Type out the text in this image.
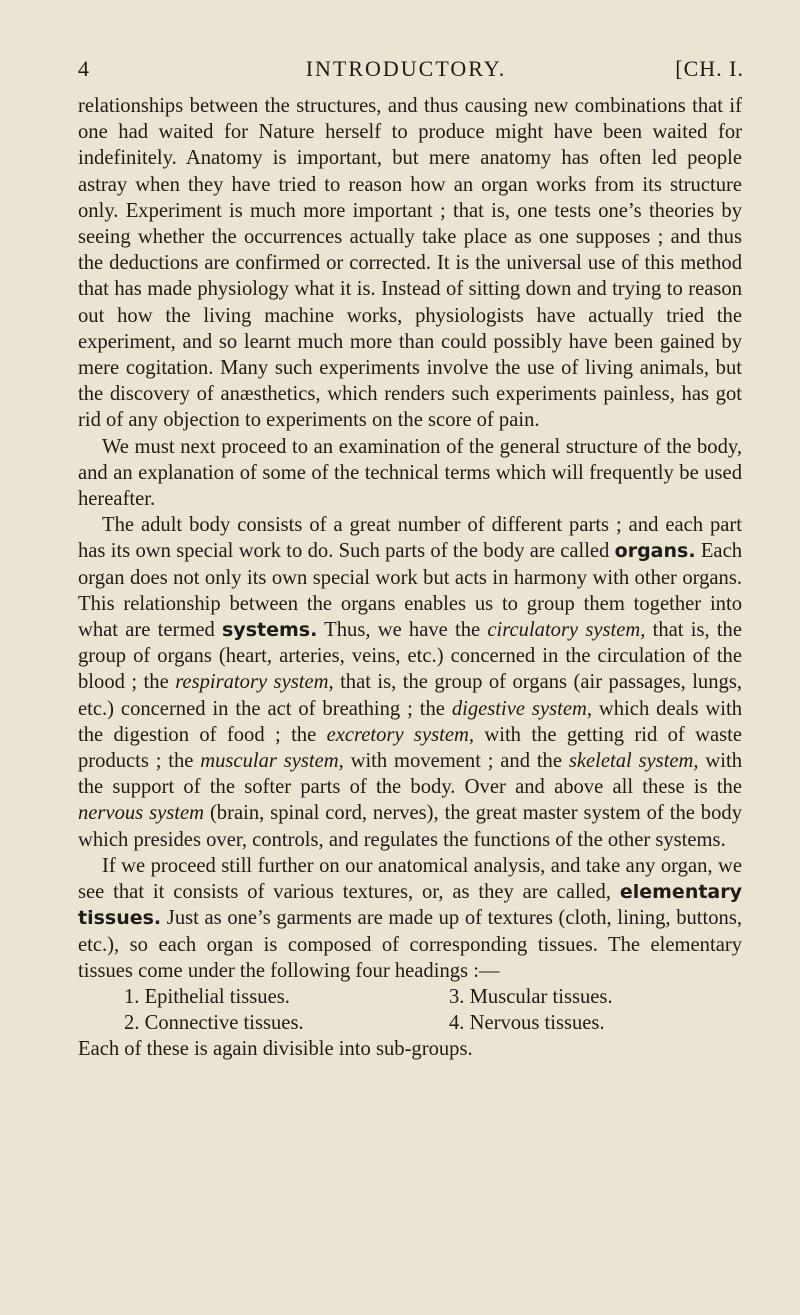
4	INTRODUCTORY.	[CH. I.

relationships between the structures, and thus causing new combinations that if one had waited for Nature herself to produce might have been waited for indefinitely. Anatomy is important, but mere anatomy has often led people astray when they have tried to reason how an organ works from its structure only. Experiment is much more important ; that is, one tests one’s theories by seeing whether the occurrences actually take place as one supposes ; and thus the deductions are confirmed or corrected. It is the universal use of this method that has made physiology what it is. Instead of sitting down and trying to reason out how the living machine works, physiologists have actually tried the experiment, and so learnt much more than could possibly have been gained by mere cogitation. Many such experiments involve the use of living animals, but the discovery of anæsthetics, which renders such experiments painless, has got rid of any objection to experiments on the score of pain.

We must next proceed to an examination of the general structure of the body, and an explanation of some of the technical terms which will frequently be used hereafter.

The adult body consists of a great number of different parts ; and each part has its own special work to do. Such parts of the body are called organs. Each organ does not only its own special work but acts in harmony with other organs. This relationship between the organs enables us to group them together into what are termed systems. Thus, we have the circulatory system, that is, the group of organs (heart, arteries, veins, etc.) concerned in the circulation of the blood ; the respiratory system, that is, the group of organs (air passages, lungs, etc.) concerned in the act of breathing ; the digestive system, which deals with the digestion of food ; the excretory system, with the getting rid of waste products ; the muscular system, with movement ; and the skeletal system, with the support of the softer parts of the body. Over and above all these is the nervous system (brain, spinal cord, nerves), the great master system of the body which presides over, controls, and regulates the functions of the other systems.

If we proceed still further on our anatomical analysis, and take any organ, we see that it consists of various textures, or, as they are called, elementary tissues. Just as one’s garments are made up of textures (cloth, lining, buttons, etc.), so each organ is composed of corresponding tissues. The elementary tissues come under the following four headings :—

1. Epithelial tissues.
2. Connective tissues.
3. Muscular tissues.
4. Nervous tissues.

Each of these is again divisible into sub-groups.
